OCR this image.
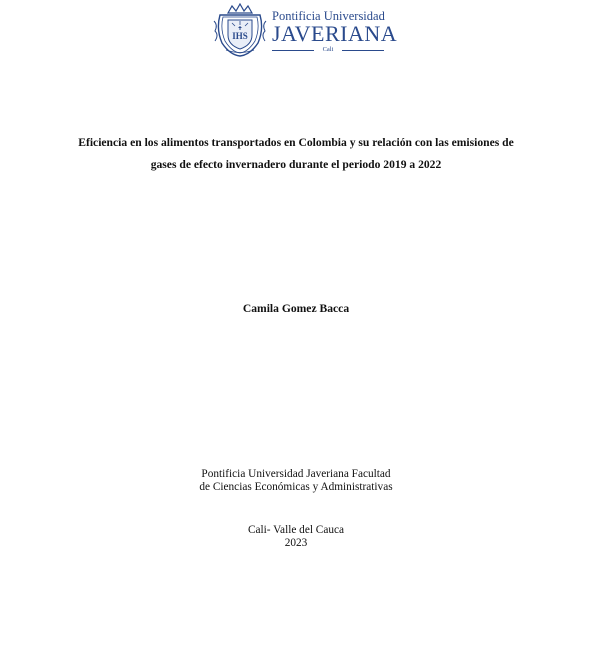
IHS
Pontificia Universidad
JAVERIANA
Cali
Eficiencia en los alimentos transportados en Colombia y su relación con las emisiones de
gases de efecto invernadero durante el periodo 2019 a 2022
Camila Gomez Bacca
Pontificia Universidad Javeriana Facultad
de Ciencias Económicas y Administrativas
Cali- Valle del Cauca
2023
